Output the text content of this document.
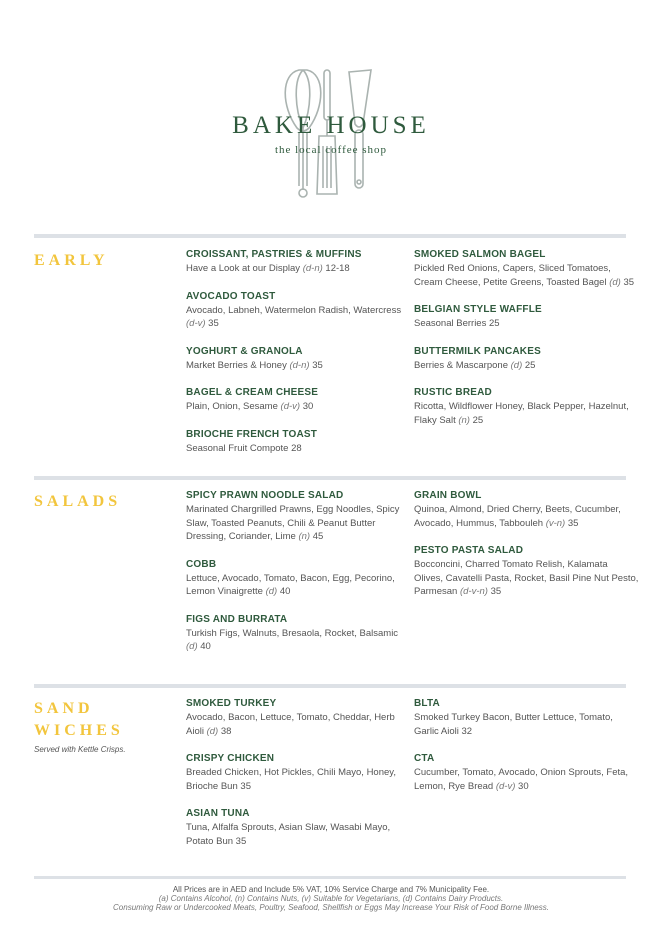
BAKE HOUSE
the local coffee shop
EARLY	CROISSANT, PASTRIES & MUFFINS
Have a Look at our Display (d-n) 12-18
AVOCADO TOAST
Avocado, Labneh, Watermelon Radish, Watercress (d-v) 35
YOGHURT & GRANOLA
Market Berries & Honey (d-n) 35
BAGEL & CREAM CHEESE
Plain, Onion, Sesame (d-v) 30
BRIOCHE FRENCH TOAST
Seasonal Fruit Compote 28
SMOKED SALMON BAGEL
Pickled Red Onions, Capers, Sliced Tomatoes, Cream Cheese, Petite Greens, Toasted Bagel (d) 35
BELGIAN STYLE WAFFLE
Seasonal Berries 25
BUTTERMILK PANCAKES
Berries & Mascarpone (d) 25
RUSTIC BREAD
Ricotta, Wildflower Honey, Black Pepper, Hazelnut, Flaky Salt (n) 25
SALADS	SPICY PRAWN NOODLE SALAD
Marinated Chargrilled Prawns, Egg Noodles, Spicy Slaw, Toasted Peanuts, Chili & Peanut Butter Dressing, Coriander, Lime (n) 45
COBB
Lettuce, Avocado, Tomato, Bacon, Egg, Pecorino, Lemon Vinaigrette (d) 40
FIGS AND BURRATA
Turkish Figs, Walnuts, Bresaola, Rocket, Balsamic (d) 40
GRAIN BOWL
Quinoa, Almond, Dried Cherry, Beets, Cucumber, Avocado, Hummus, Tabbouleh (v-n) 35
PESTO PASTA SALAD
Bocconcini, Charred Tomato Relish, Kalamata Olives, Cavatelli Pasta, Rocket, Basil Pine Nut Pesto, Parmesan (d-v-n) 35
SAND WICHES
Served with Kettle Crisps.
SMOKED TURKEY
Avocado, Bacon, Lettuce, Tomato, Cheddar, Herb Aioli (d) 38
CRISPY CHICKEN
Breaded Chicken, Hot Pickles, Chili Mayo, Honey, Brioche Bun 35
ASIAN TUNA
Tuna, Alfalfa Sprouts, Asian Slaw, Wasabi Mayo, Potato Bun 35
BLTA
Smoked Turkey Bacon, Butter Lettuce, Tomato, Garlic Aioli 32
CTA
Cucumber, Tomato, Avocado, Onion Sprouts, Feta, Lemon, Rye Bread (d-v) 30
All Prices are in AED and Include 5% VAT, 10% Service Charge and 7% Municipality Fee.
(a) Contains Alcohol, (n) Contains Nuts, (v) Suitable for Vegetarians, (d) Contains Dairy Products.
Consuming Raw or Undercooked Meats, Poultry, Seafood, Shellfish or Eggs May Increase Your Risk of Food Borne Illness.
